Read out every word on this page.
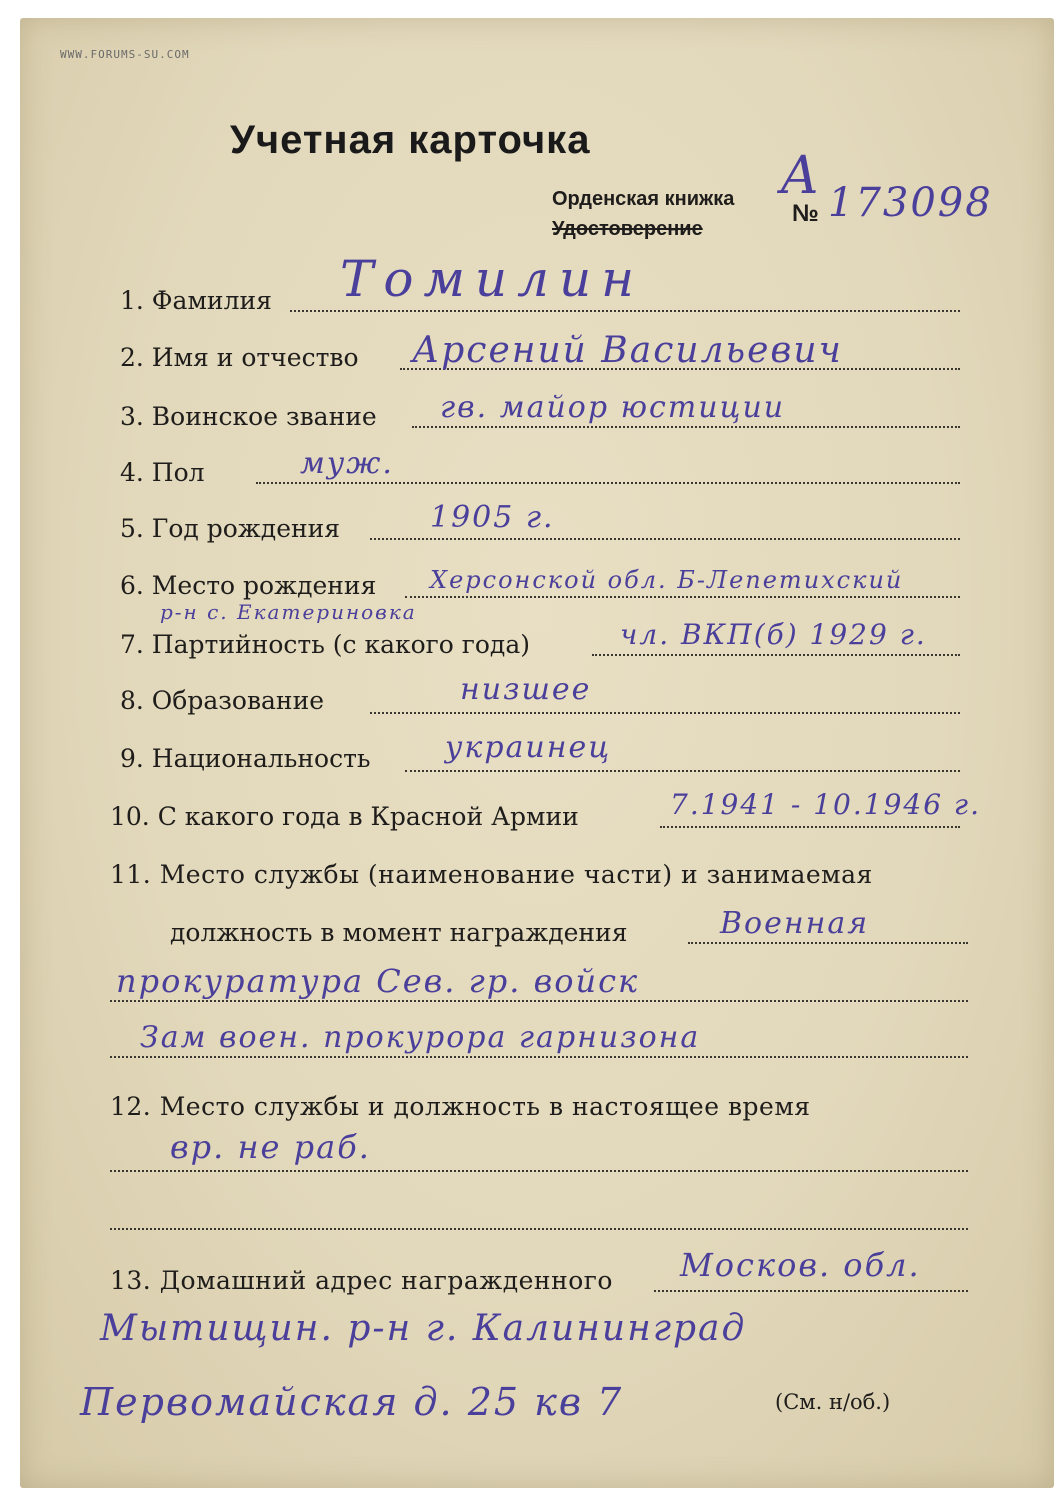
WWW.FORUMS-SU.COM
Учетная карточка
Орденская книжка
Удостоверение
А
№ 173098
1. Фамилия Томилин
2. Имя и отчество Арсений Васильевич
3. Воинское звание гв. майор юстиции
4. Пол	муж.
5. Год рождения	1905 г.
6. Место рождения Херсонской обл. Б-Лепетихский
р-н с. Екатериновка
7. Партийность (с какого года)	чл. ВКП(б) 1929 г.
8. Образование	низшее
9. Национальность украинец
10. С какого года в Красной Армии	7.1941 - 10.1946 г.
11. Место службы (наименование части) и занимаемая
должность в момент награждения	Военная
прокуратура Сев. гр. войск
Зам воен. прокурора гарнизона
12. Место службы и должность в настоящее время
вр. не раб.
13. Домашний адрес награжденного Москов. обл.
Мытищин. р-н г. Калининград
Первомайская д. 25 кв 7	(См. н/об.)
